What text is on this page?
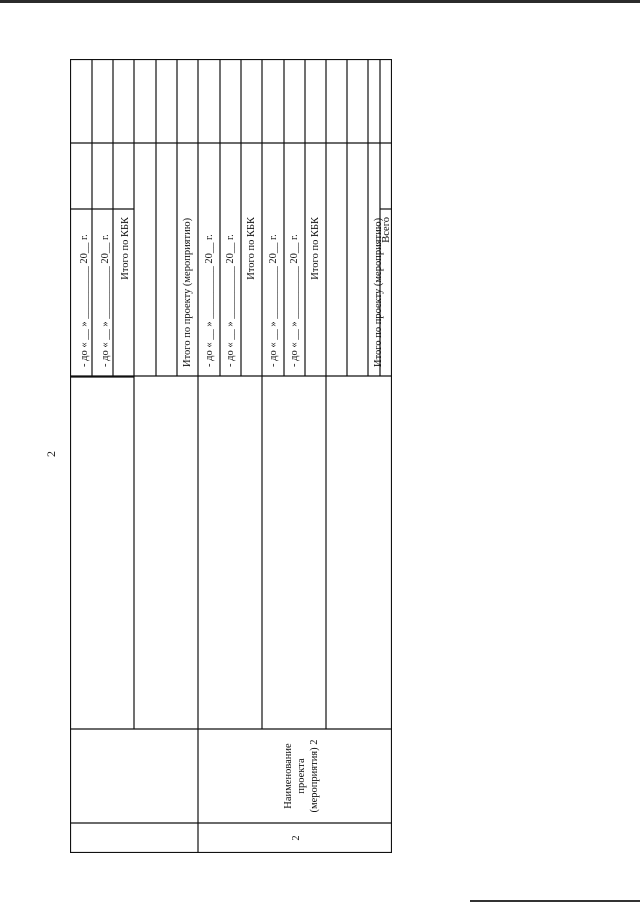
2
- до « __ » __________ 20__ г. - до « __ » __________ 20__ г. Итого по КБК	Итого по проекту (мероприятию) - до « __ » __________ 20__ г. - до « __ » __________ 20__ г. Итого по КБК - до « __ » __________ 20__ г. - до « __ » __________ 20__ г. Итого по КБК	Итого по проекту (мероприятию)
Всего
Наименование проекта (мероприятия) 2
2
